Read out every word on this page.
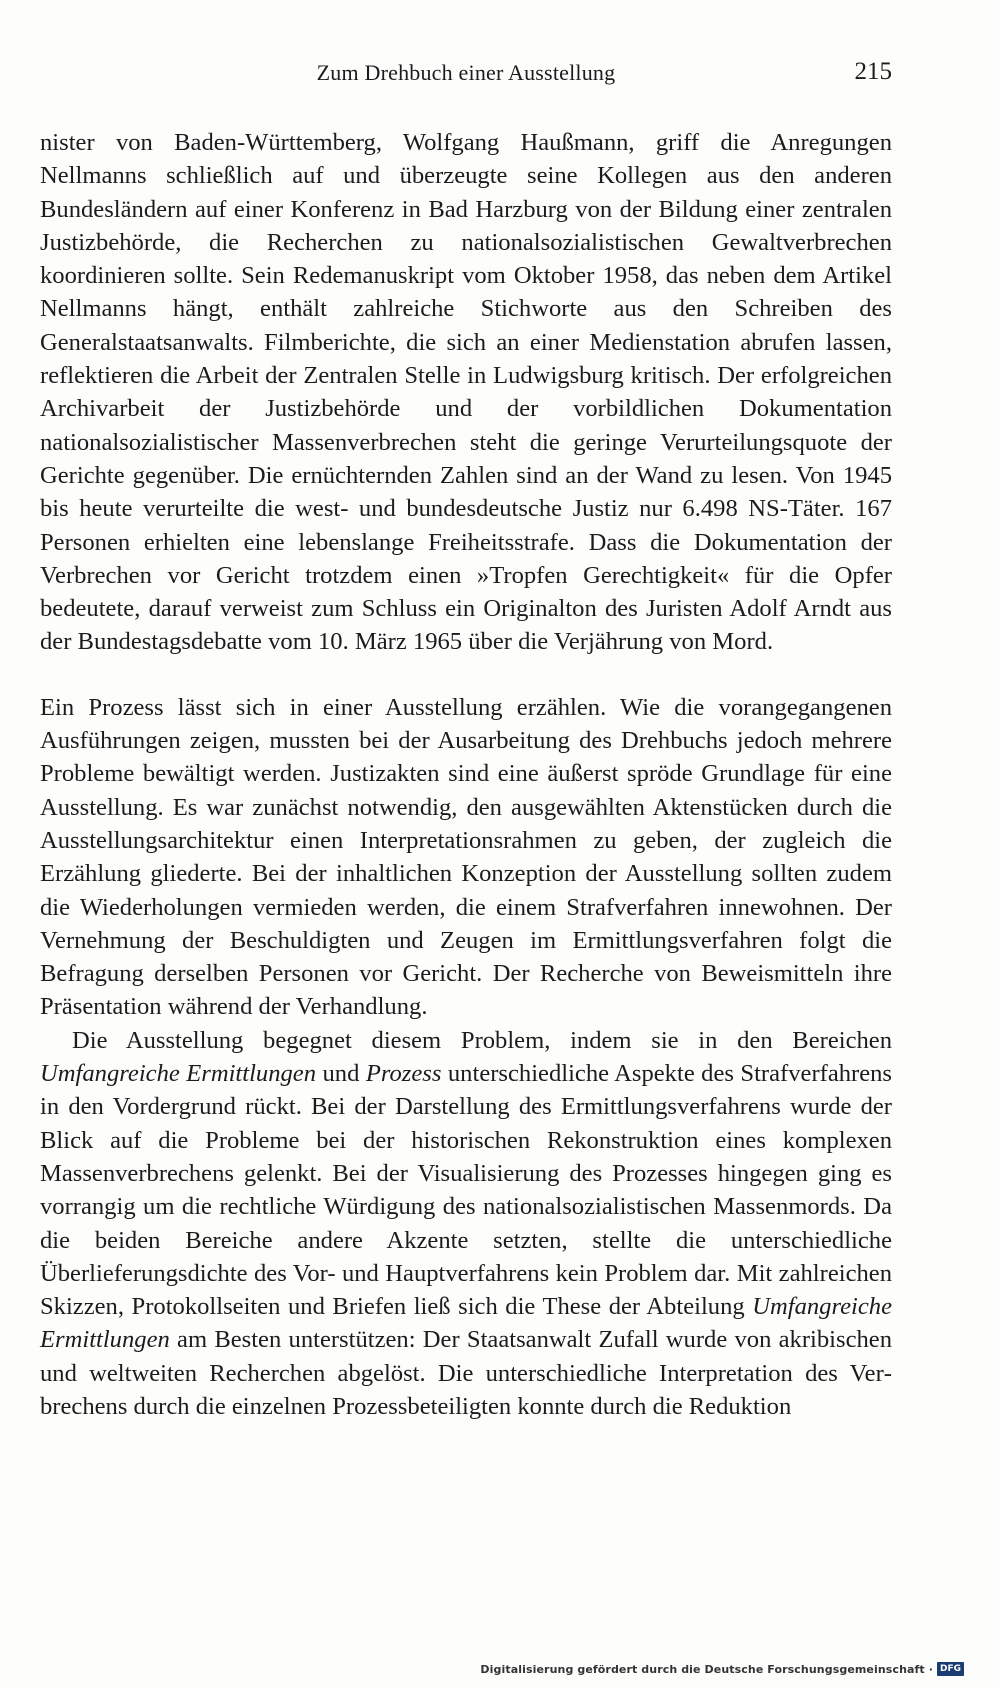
Zum Drehbuch einer Ausstellung	215

nister von Baden-Württemberg, Wolfgang Haußmann, griff die Anregungen Nellmanns schließlich auf und überzeugte seine Kollegen aus den anderen Bundesländern auf einer Konferenz in Bad Harzburg von der Bildung einer zentralen Justizbehörde, die Recherchen zu nationalsozialistischen Gewaltverbrechen koordinieren sollte. Sein Redemanuskript vom Oktober 1958, das neben dem Artikel Nellmanns hängt, enthält zahlreiche Stichworte aus den Schreiben des Generalstaatsanwalts. Filmberichte, die sich an einer Medienstation abrufen lassen, reflektieren die Arbeit der Zentralen Stelle in Ludwigsburg kritisch. Der erfolgreichen Archivarbeit der Justizbehörde und der vorbildlichen Dokumentation nationalsozialistischer Massenverbrechen steht die geringe Verurteilungsquote der Gerichte gegenüber. Die ernüchternden Zahlen sind an der Wand zu lesen. Von 1945 bis heute verurteilte die west- und bundesdeutsche Justiz nur 6.498 NS-Täter. 167 Personen erhielten eine lebenslange Freiheitsstrafe. Dass die Dokumentation der Verbrechen vor Gericht trotzdem einen »Tropfen Gerechtigkeit« für die Opfer bedeutete, darauf verweist zum Schluss ein Originalton des Juristen Adolf Arndt aus der Bundestagsdebatte vom 10. März 1965 über die Verjährung von Mord.

Ein Prozess lässt sich in einer Ausstellung erzählen. Wie die vorangegangenen Ausführungen zeigen, mussten bei der Ausarbeitung des Drehbuchs jedoch mehrere Probleme bewältigt werden. Justizakten sind eine äußerst spröde Grundlage für eine Ausstellung. Es war zunächst notwendig, den ausgewählten Aktenstücken durch die Ausstellungsarchitektur einen Interpretationsrahmen zu geben, der zugleich die Erzählung gliederte. Bei der inhaltlichen Konzeption der Ausstellung sollten zudem die Wiederholungen vermieden werden, die einem Strafverfahren innewohnen. Der Vernehmung der Beschuldigten und Zeugen im Ermittlungsverfahren folgt die Befragung derselben Personen vor Gericht. Der Recherche von Beweismitteln ihre Präsentation während der Verhandlung.

Die Ausstellung begegnet diesem Problem, indem sie in den Bereichen Umfangreiche Ermittlungen und Prozess unterschiedliche Aspekte des Strafverfahrens in den Vordergrund rückt. Bei der Darstellung des Ermittlungsverfahrens wurde der Blick auf die Probleme bei der historischen Rekonstruktion eines komplexen Massenverbrechens gelenkt. Bei der Visualisierung des Prozesses hingegen ging es vorrangig um die rechtliche Würdigung des nationalsozialistischen Massenmords. Da die beiden Bereiche andere Akzente setzten, stellte die unterschiedliche Überlieferungsdichte des Vor- und Hauptverfahrens kein Problem dar. Mit zahlreichen Skizzen, Protokollseiten und Briefen ließ sich die These der Abteilung Umfangreiche Ermittlungen am Besten unterstützen: Der Staatsanwalt Zufall wurde von akribischen und weltweiten Recherchen abgelöst. Die unterschiedliche Interpretation des Verbrechens durch die einzelnen Prozessbeteiligten konnte durch die Reduktion

Digitalisierung gefördert durch die Deutsche Forschungsgemeinschaft · DFG
